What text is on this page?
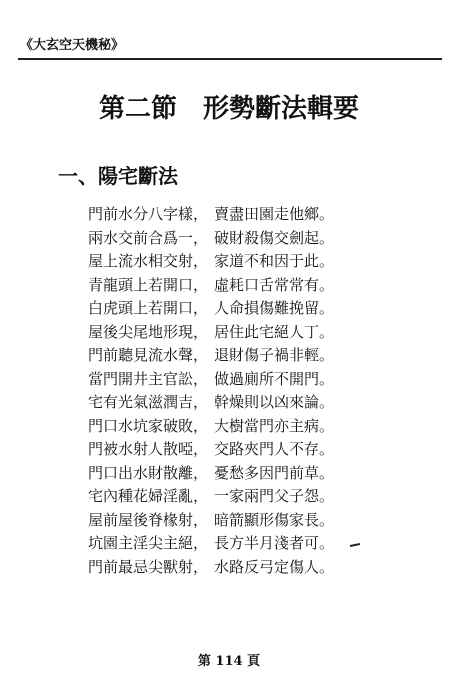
《大玄空天機秘》
第二節　形勢斷法輯要
一、陽宅斷法
門前水分八字樣， 賣盡田園走他鄉。
兩水交前合爲一， 破財殺傷交劍起。
屋上流水相交射， 家道不和因于此。
青龍頭上若開口， 虛耗口舌常常有。
白虎頭上若開口， 人命損傷難挽留。
屋後尖尾地形現， 居住此宅絕人丁。
門前聽見流水聲， 退財傷子禍非輕。
當門開井主官訟， 做過廁所不開門。
宅有光氣滋潤吉， 幹燥則以凶來論。
門口水坑家破敗， 大樹當門亦主病。
門被水射人散啞， 交路夾門人不存。
門口出水財散離， 憂愁多因門前草。
宅內種花婦淫亂， 一家兩門父子怨。
屋前屋後脊椽射， 暗箭顯形傷家長。
坑園主淫尖主絕， 長方半月淺者可。
門前最忌尖獸射， 水路反弓定傷人。
第 114 頁
